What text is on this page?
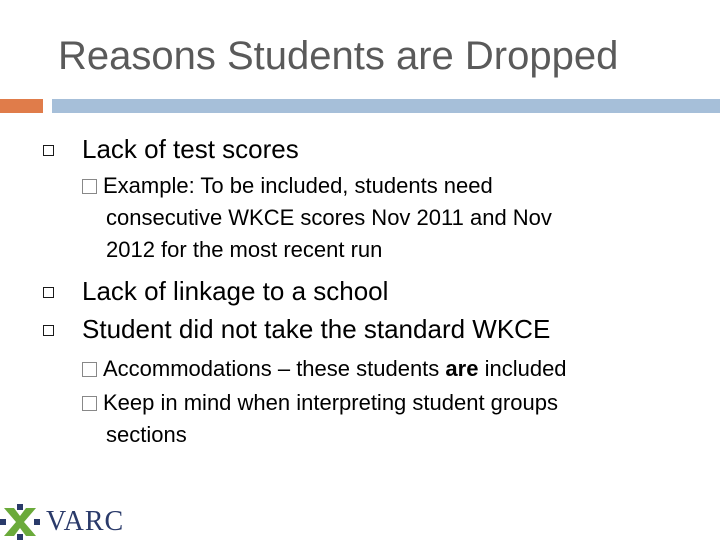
Reasons Students are Dropped
Lack of test scores
Example: To be included, students need
consecutive WKCE scores Nov 2011 and Nov
2012 for the most recent run
Lack of linkage to a school
Student did not take the standard WKCE
Accommodations – these students are included
Keep in mind when interpreting student groups
sections
VARC
